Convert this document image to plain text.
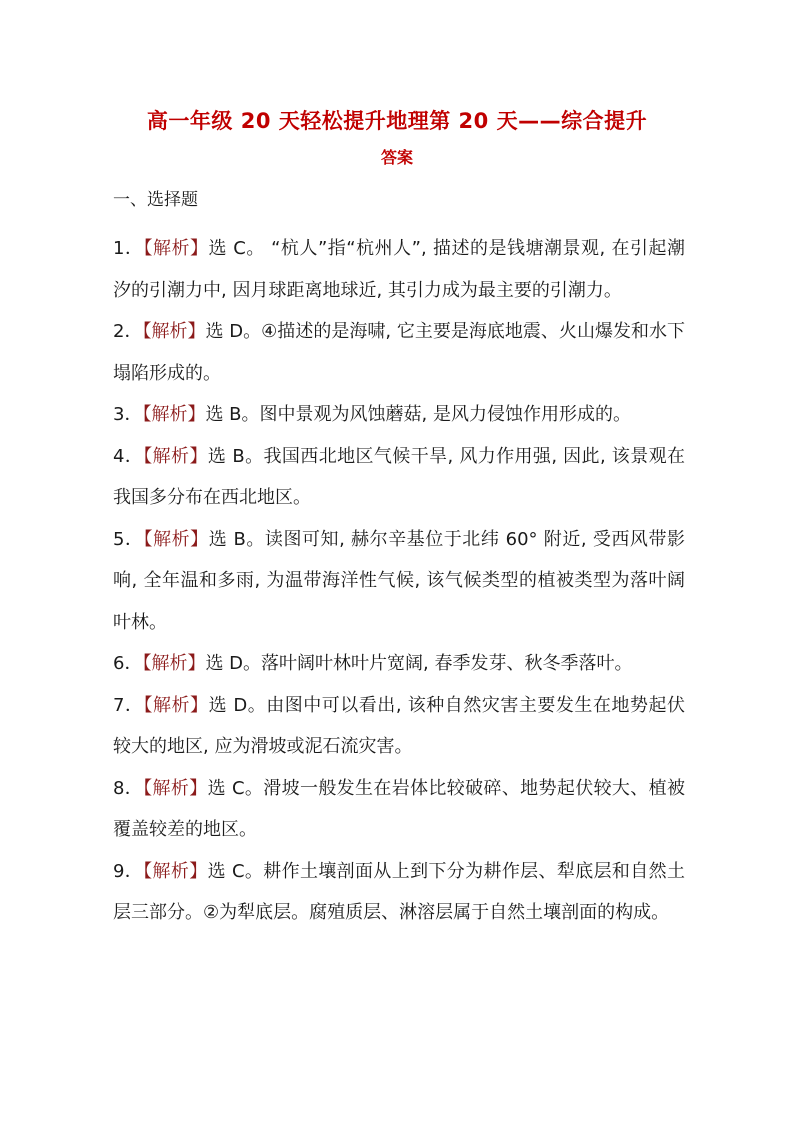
高一年级 20 天轻松提升地理第 20 天——综合提升
答案
一、选择题

1．【解析】选 C。 “杭人”指“杭州人”, 描述的是钱塘潮景观, 在引起潮汐的引潮力中, 因月球距离地球近, 其引力成为最主要的引潮力。

2．【解析】选 D。④描述的是海啸, 它主要是海底地震、火山爆发和水下塌陷形成的。

3．【解析】选 B。图中景观为风蚀蘑菇, 是风力侵蚀作用形成的。

4．【解析】选 B。我国西北地区气候干旱, 风力作用强, 因此, 该景观在我国多分布在西北地区。

5．【解析】选 B。读图可知, 赫尔辛基位于北纬 60° 附近, 受西风带影响, 全年温和多雨, 为温带海洋性气候, 该气候类型的植被类型为落叶阔叶林。

6．【解析】选 D。落叶阔叶林叶片宽阔, 春季发芽、秋冬季落叶。

7．【解析】选 D。由图中可以看出, 该种自然灾害主要发生在地势起伏较大的地区, 应为滑坡或泥石流灾害。

8．【解析】选 C。滑坡一般发生在岩体比较破碎、地势起伏较大、植被覆盖较差的地区。

9．【解析】选 C。耕作土壤剖面从上到下分为耕作层、犁底层和自然土层三部分。②为犁底层。腐殖质层、淋溶层属于自然土壤剖面的构成。
